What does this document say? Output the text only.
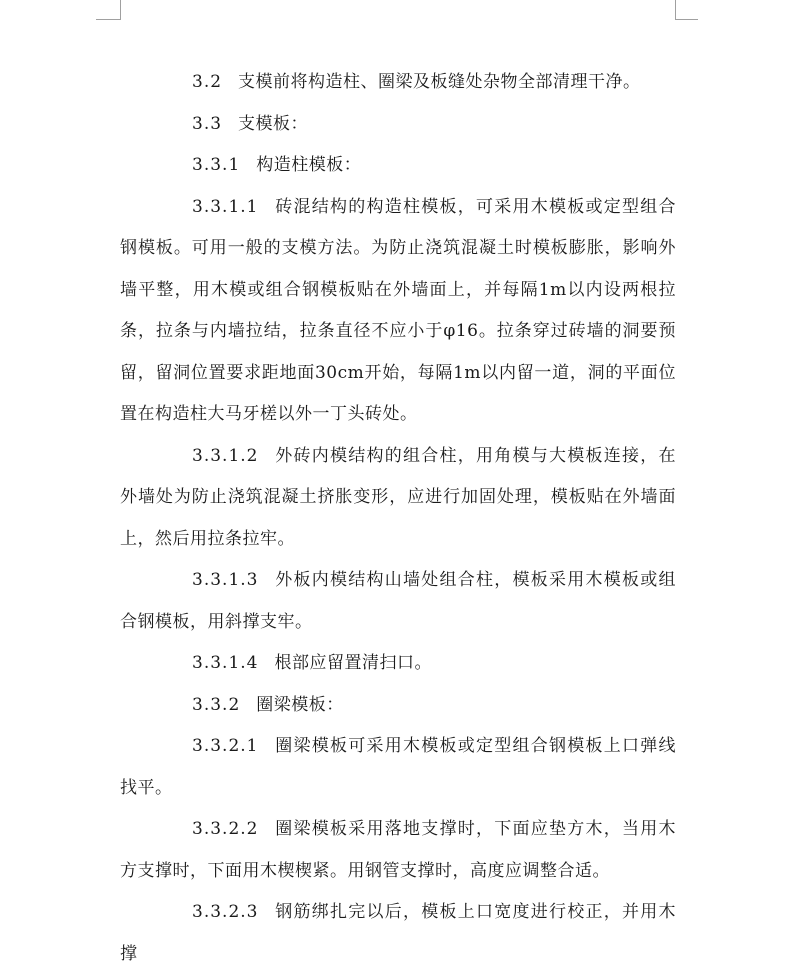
3.2 支模前将构造柱、圈梁及板缝处杂物全部清理干净。

3.3 支模板：

3.3.1 构造柱模板：

3.3.1.1 砖混结构的构造柱模板，可采用木模板或定型组合钢模板。可用一般的支模方法。为防止浇筑混凝土时模板膨胀，影响外墙平整，用木模或组合钢模板贴在外墙面上，并每隔1m以内设两根拉条，拉条与内墙拉结，拉条直径不应小于φ16。拉条穿过砖墙的洞要预留，留洞位置要求距地面30cm开始，每隔1m以内留一道，洞的平面位置在构造柱大马牙槎以外一丁头砖处。

3.3.1.2 外砖内模结构的组合柱，用角模与大模板连接，在外墙处为防止浇筑混凝土挤胀变形，应进行加固处理，模板贴在外墙面上，然后用拉条拉牢。

3.3.1.3 外板内模结构山墙处组合柱，模板采用木模板或组合钢模板，用斜撑支牢。

3.3.1.4 根部应留置清扫口。

3.3.2 圈梁模板：

3.3.2.1 圈梁模板可采用木模板或定型组合钢模板上口弹线找平。

3.3.2.2 圈梁模板采用落地支撑时，下面应垫方木，当用木方支撑时，下面用木楔楔紧。用钢管支撑时，高度应调整合适。

3.3.2.3 钢筋绑扎完以后，模板上口宽度进行校正，并用木撑
